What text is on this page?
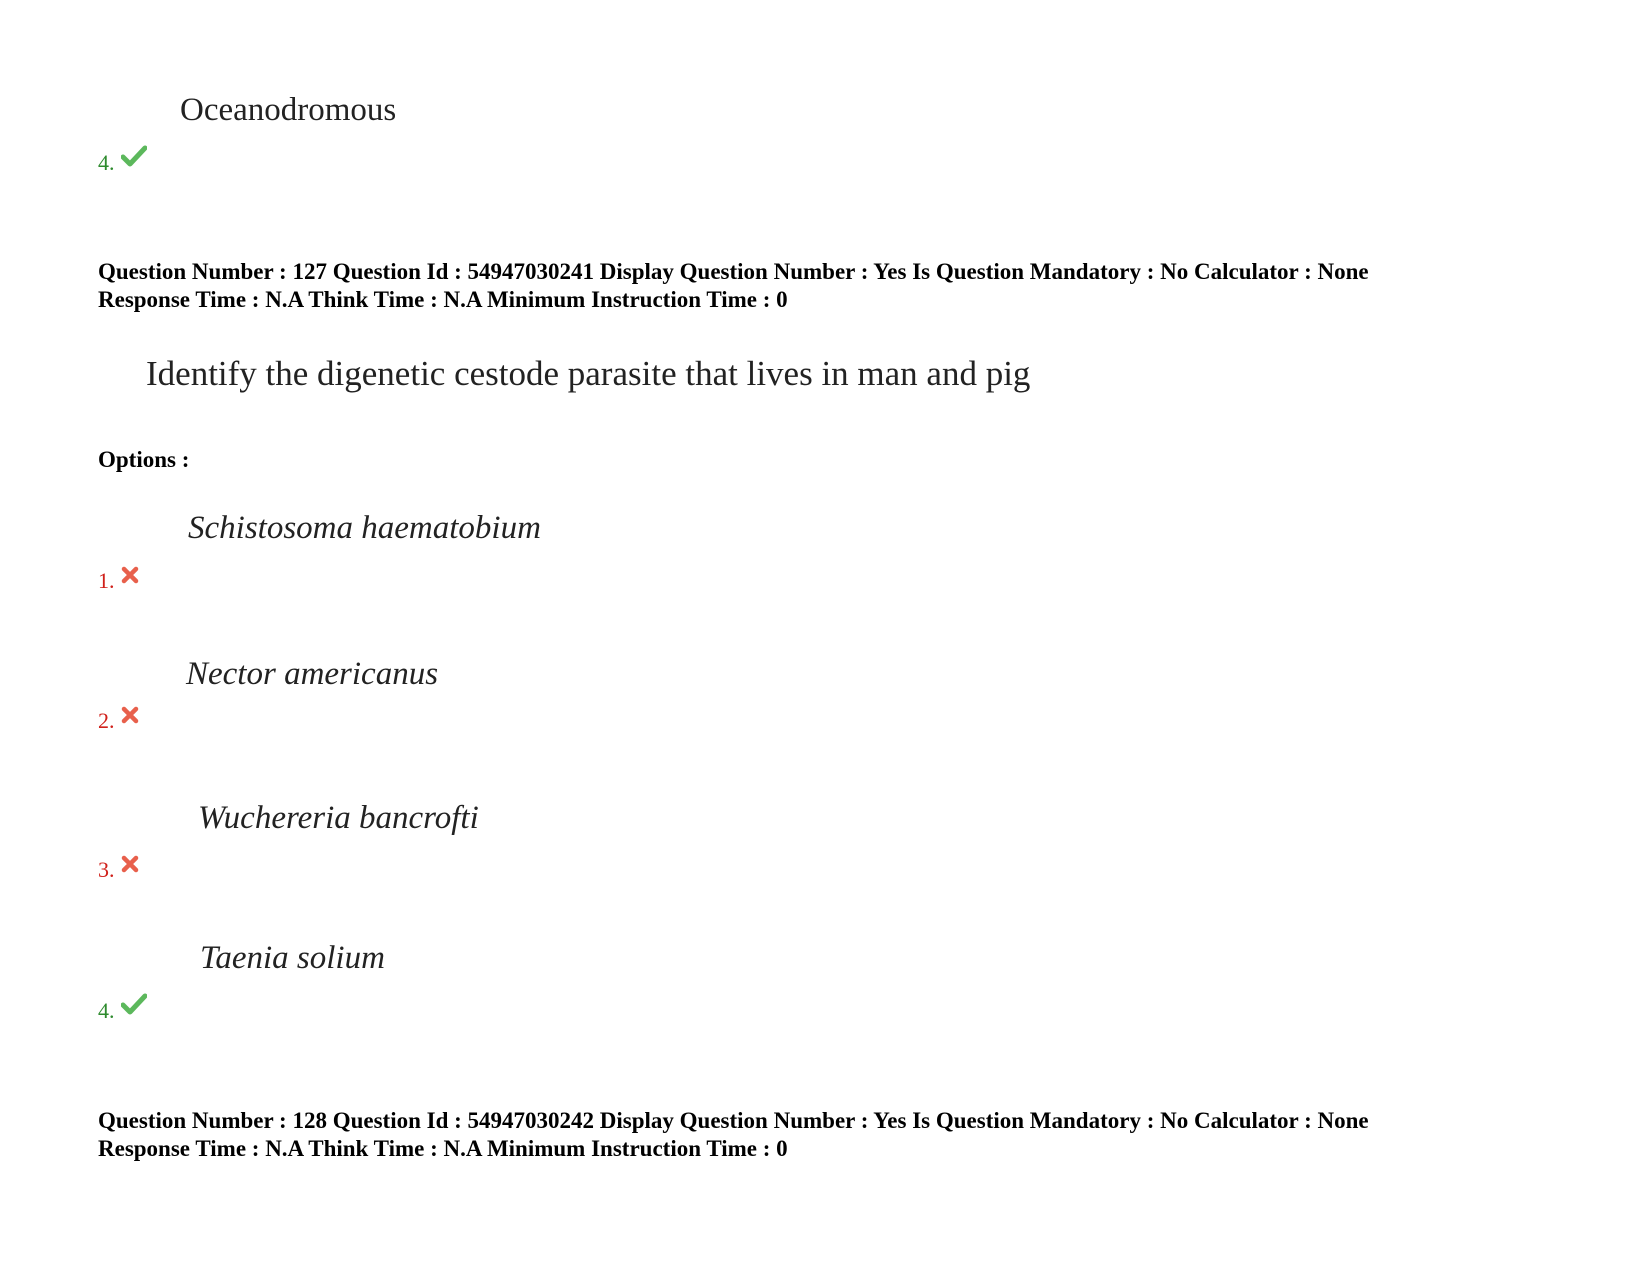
Oceanodromous
4.
Question Number : 127 Question Id : 54947030241 Display Question Number : Yes Is Question Mandatory : No Calculator : None
Response Time : N.A Think Time : N.A Minimum Instruction Time : 0
Identify the digenetic cestode parasite that lives in man and pig
Options :
Schistosoma haematobium
1.
Nector americanus
2.
Wuchereria bancrofti
3.
Taenia solium
4.
Question Number : 128 Question Id : 54947030242 Display Question Number : Yes Is Question Mandatory : No Calculator : None
Response Time : N.A Think Time : N.A Minimum Instruction Time : 0
